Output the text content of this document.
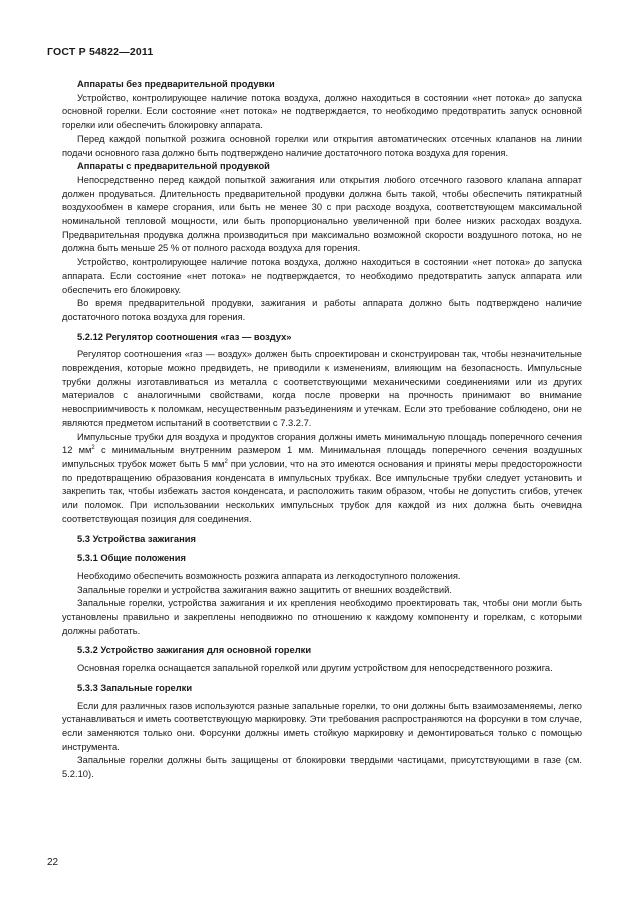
ГОСТ Р 54822—2011

Аппараты без предварительной продувки

Устройство, контролирующее наличие потока воздуха, должно находиться в состоянии «нет потока» до запуска основной горелки. Если состояние «нет потока» не подтверждается, то необходимо предотвратить запуск основной горелки или обеспечить блокировку аппарата.

Перед каждой попыткой розжига основной горелки или открытия автоматических отсечных клапанов на линии подачи основного газа должно быть подтверждено наличие достаточного потока воздуха для горения.

Аппараты с предварительной продувкой

Непосредственно перед каждой попыткой зажигания или открытия любого отсечного газового клапана аппарат должен продуваться. Длительность предварительной продувки должна быть такой, чтобы обеспечить пятикратный воздухообмен в камере сгорания, или быть не менее 30 с при расходе воздуха, соответствующем максимальной номинальной тепловой мощности, или быть пропорционально увеличенной при более низких расходах воздуха. Предварительная продувка должна производиться при максимально возможной скорости воздушного потока, но не должна быть меньше 25 % от полного расхода воздуха для горения.

Устройство, контролирующее наличие потока воздуха, должно находиться в состоянии «нет потока» до запуска аппарата. Если состояние «нет потока» не подтверждается, то необходимо предотвратить запуск аппарата или обеспечить его блокировку.

Во время предварительной продувки, зажигания и работы аппарата должно быть подтверждено наличие достаточного потока воздуха для горения.

5.2.12 Регулятор соотношения «газ — воздух»

Регулятор соотношения «газ — воздух» должен быть спроектирован и сконструирован так, чтобы незначительные повреждения, которые можно предвидеть, не приводили к изменениям, влияющим на безопасность. Импульсные трубки должны изготавливаться из металла с соответствующими механическими соединениями или из других материалов с аналогичными свойствами, когда после проверки на прочность принимают во внимание невосприимчивость к поломкам, несущественным разъединениям и утечкам. Если это требование соблюдено, они не являются предметом испытаний в соответствии с 7.3.2.7.

Импульсные трубки для воздуха и продуктов сгорания должны иметь минимальную площадь поперечного сечения 12 $мм^2$ с минимальным внутренним размером 1 мм. Минимальная площадь поперечного сечения воздушных импульсных трубок может быть 5 $мм^2$ при условии, что на это имеются основания и приняты меры предосторожности по предотвращению образования конденсата в импульсных трубках. Все импульсные трубки следует установить и закрепить так, чтобы избежать застоя конденсата, и расположить таким образом, чтобы не допустить сгибов, утечек или поломок. При использовании нескольких импульсных трубок для каждой из них должна быть очевидна соответствующая позиция для соединения.

5.3 Устройства зажигания

5.3.1 Общие положения

Необходимо обеспечить возможность розжига аппарата из легкодоступного положения.

Запальные горелки и устройства зажигания важно защитить от внешних воздействий.

Запальные горелки, устройства зажигания и их крепления необходимо проектировать так, чтобы они могли быть установлены правильно и закреплены неподвижно по отношению к каждому компоненту и горелкам, с которыми должны работать.

5.3.2 Устройство зажигания для основной горелки

Основная горелка оснащается запальной горелкой или другим устройством для непосредственного розжига.

5.3.3 Запальные горелки

Если для различных газов используются разные запальные горелки, то они должны быть взаимозаменяемы, легко устанавливаться и иметь соответствующую маркировку. Эти требования распространяются на форсунки в том случае, если заменяются только они. Форсунки должны иметь стойкую маркировку и демонтироваться только с помощью инструмента.

Запальные горелки должны быть защищены от блокировки твердыми частицами, присутствующими в газе (см. 5.2.10).

22
